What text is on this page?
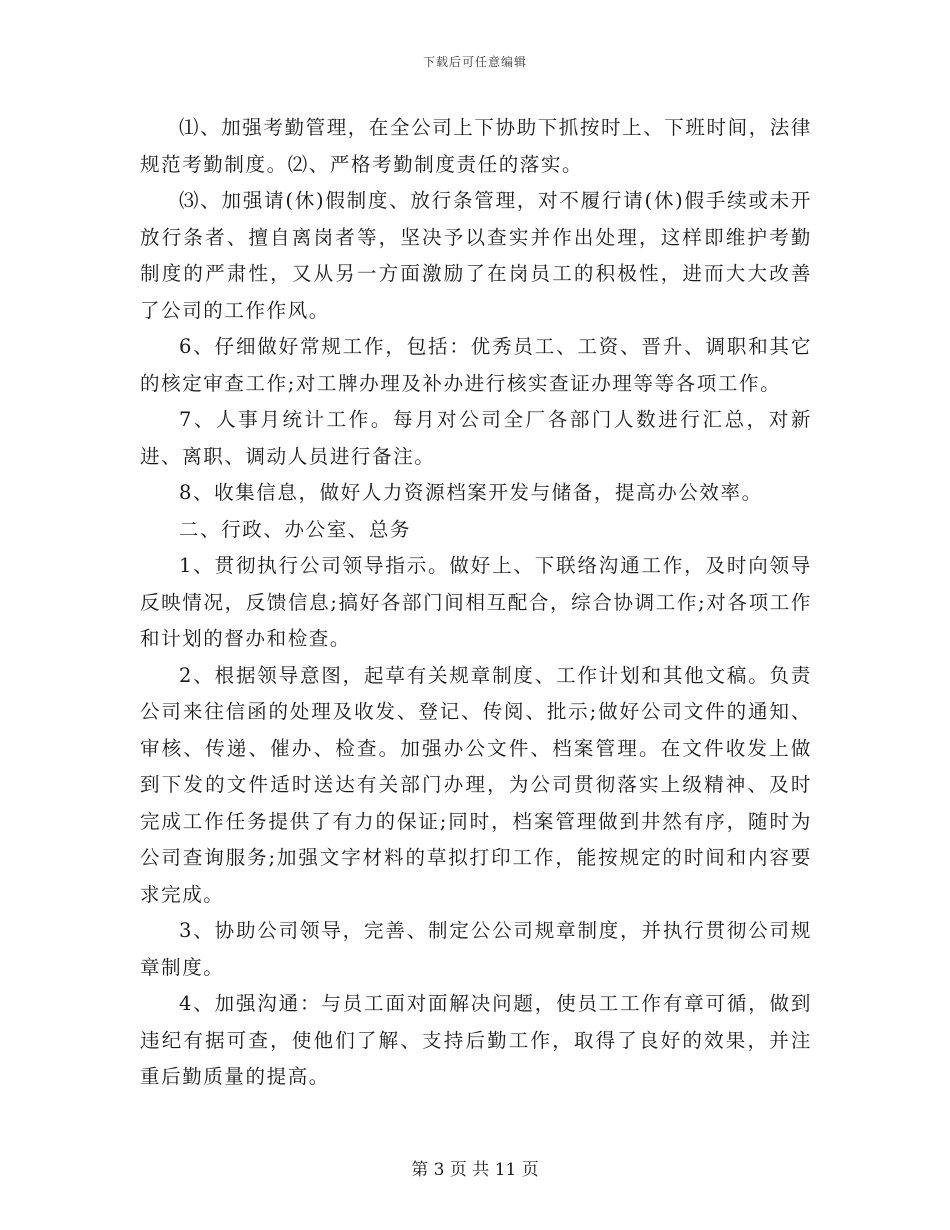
下载后可任意编辑

⑴、加强考勤管理，在全公司上下协助下抓按时上、下班时间，法律规范考勤制度。⑵、严格考勤制度责任的落实。

⑶、加强请(休)假制度、放行条管理，对不履行请(休)假手续或未开放行条者、擅自离岗者等，坚决予以查实并作出处理，这样即维护考勤制度的严肃性，又从另一方面激励了在岗员工的积极性，进而大大改善了公司的工作作风。

6、仔细做好常规工作，包括：优秀员工、工资、晋升、调职和其它的核定审查工作;对工牌办理及补办进行核实查证办理等等各项工作。

7、人事月统计工作。每月对公司全厂各部门人数进行汇总，对新进、离职、调动人员进行备注。

8、收集信息，做好人力资源档案开发与储备，提高办公效率。

二、行政、办公室、总务

1、贯彻执行公司领导指示。做好上、下联络沟通工作，及时向领导反映情况，反馈信息;搞好各部门间相互配合，综合协调工作;对各项工作和计划的督办和检查。

2、根据领导意图，起草有关规章制度、工作计划和其他文稿。负责公司来往信函的处理及收发、登记、传阅、批示;做好公司文件的通知、审核、传递、催办、检查。加强办公文件、档案管理。在文件收发上做到下发的文件适时送达有关部门办理，为公司贯彻落实上级精神、及时完成工作任务提供了有力的保证;同时，档案管理做到井然有序，随时为公司查询服务;加强文字材料的草拟打印工作，能按规定的时间和内容要求完成。

3、协助公司领导，完善、制定公公司规章制度，并执行贯彻公司规章制度。

4、加强沟通：与员工面对面解决问题，使员工工作有章可循，做到违纪有据可查，使他们了解、支持后勤工作，取得了良好的效果，并注重后勤质量的提高。

第 3 页 共 11 页
